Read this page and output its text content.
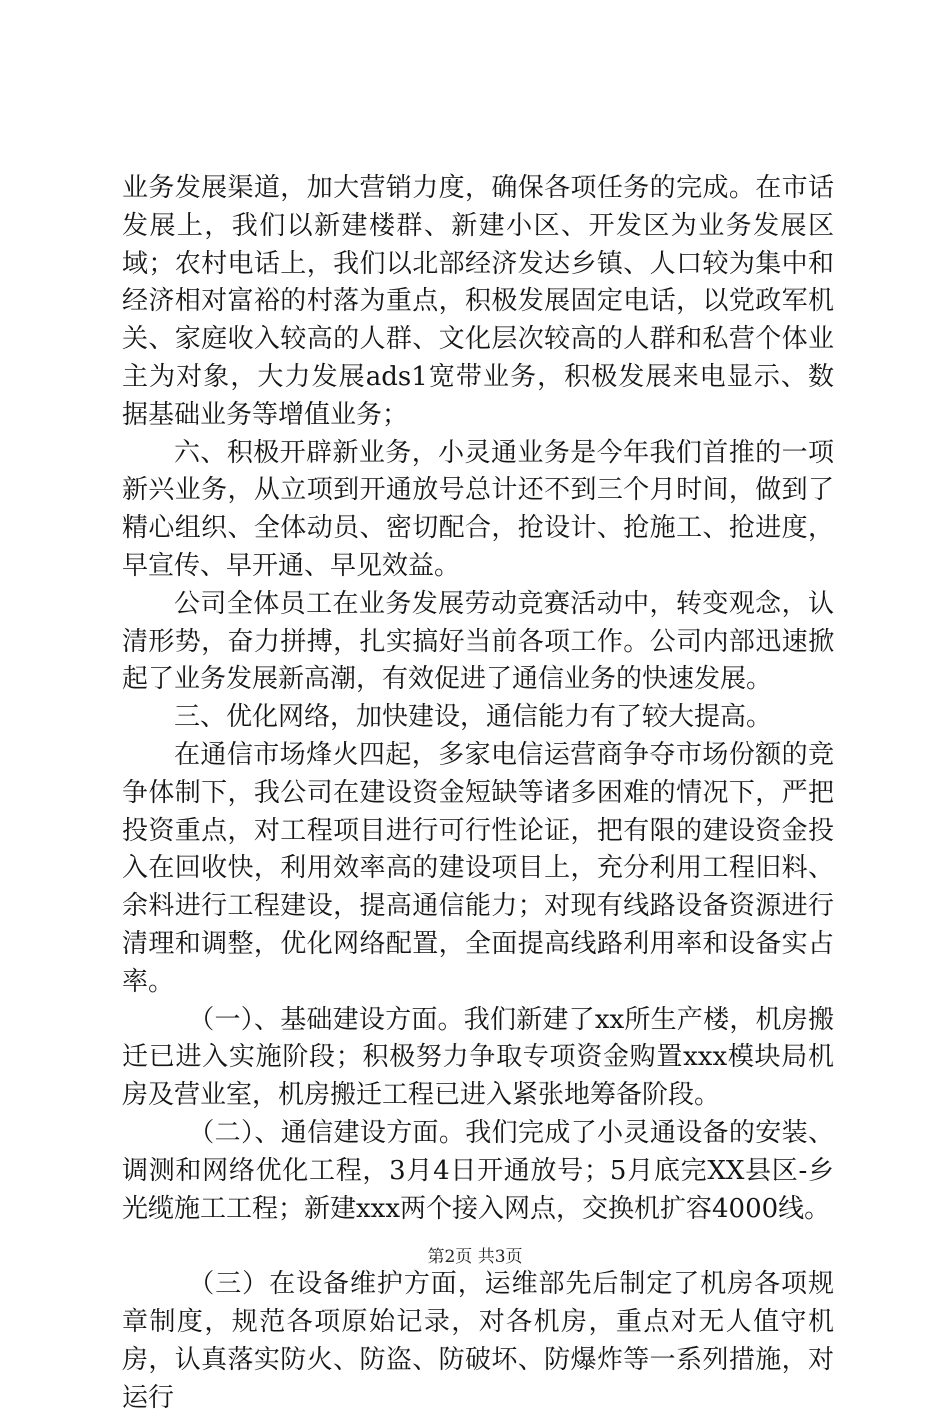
业务发展渠道，加大营销力度，确保各项任务的完成。在市话发展上，我们以新建楼群、新建小区、开发区为业务发展区域；农村电话上，我们以北部经济发达乡镇、人口较为集中和经济相对富裕的村落为重点，积极发展固定电话，以党政军机关、家庭收入较高的人群、文化层次较高的人群和私营个体业主为对象，大力发展ads1宽带业务，积极发展来电显示、数据基础业务等增值业务；

六、积极开辟新业务，小灵通业务是今年我们首推的一项新兴业务，从立项到开通放号总计还不到三个月时间，做到了精心组织、全体动员、密切配合，抢设计、抢施工、抢进度，早宣传、早开通、早见效益。

公司全体员工在业务发展劳动竞赛活动中，转变观念，认清形势，奋力拼搏，扎实搞好当前各项工作。公司内部迅速掀起了业务发展新高潮，有效促进了通信业务的快速发展。

三、优化网络，加快建设，通信能力有了较大提高。

在通信市场烽火四起，多家电信运营商争夺市场份额的竞争体制下，我公司在建设资金短缺等诸多困难的情况下，严把投资重点，对工程项目进行可行性论证，把有限的建设资金投入在回收快，利用效率高的建设项目上，充分利用工程旧料、余料进行工程建设，提高通信能力；对现有线路设备资源进行清理和调整，优化网络配置，全面提高线路利用率和设备实占率。

（一）、基础建设方面。我们新建了xx所生产楼，机房搬迁已进入实施阶段；积极努力争取专项资金购置xxx模块局机房及营业室，机房搬迁工程已进入紧张地筹备阶段。

（二）、通信建设方面。我们完成了小灵通设备的安装、调测和网络优化工程，3月4日开通放号；5月底完XX县区-乡光缆施工工程；新建xxx两个接入网点，交换机扩容4000线。

（三）在设备维护方面，运维部先后制定了机房各项规章制度，规范各项原始记录，对各机房，重点对无人值守机房，认真落实防火、防盗、防破坏、防爆炸等一系列措施，对运行

第2页 共3页
